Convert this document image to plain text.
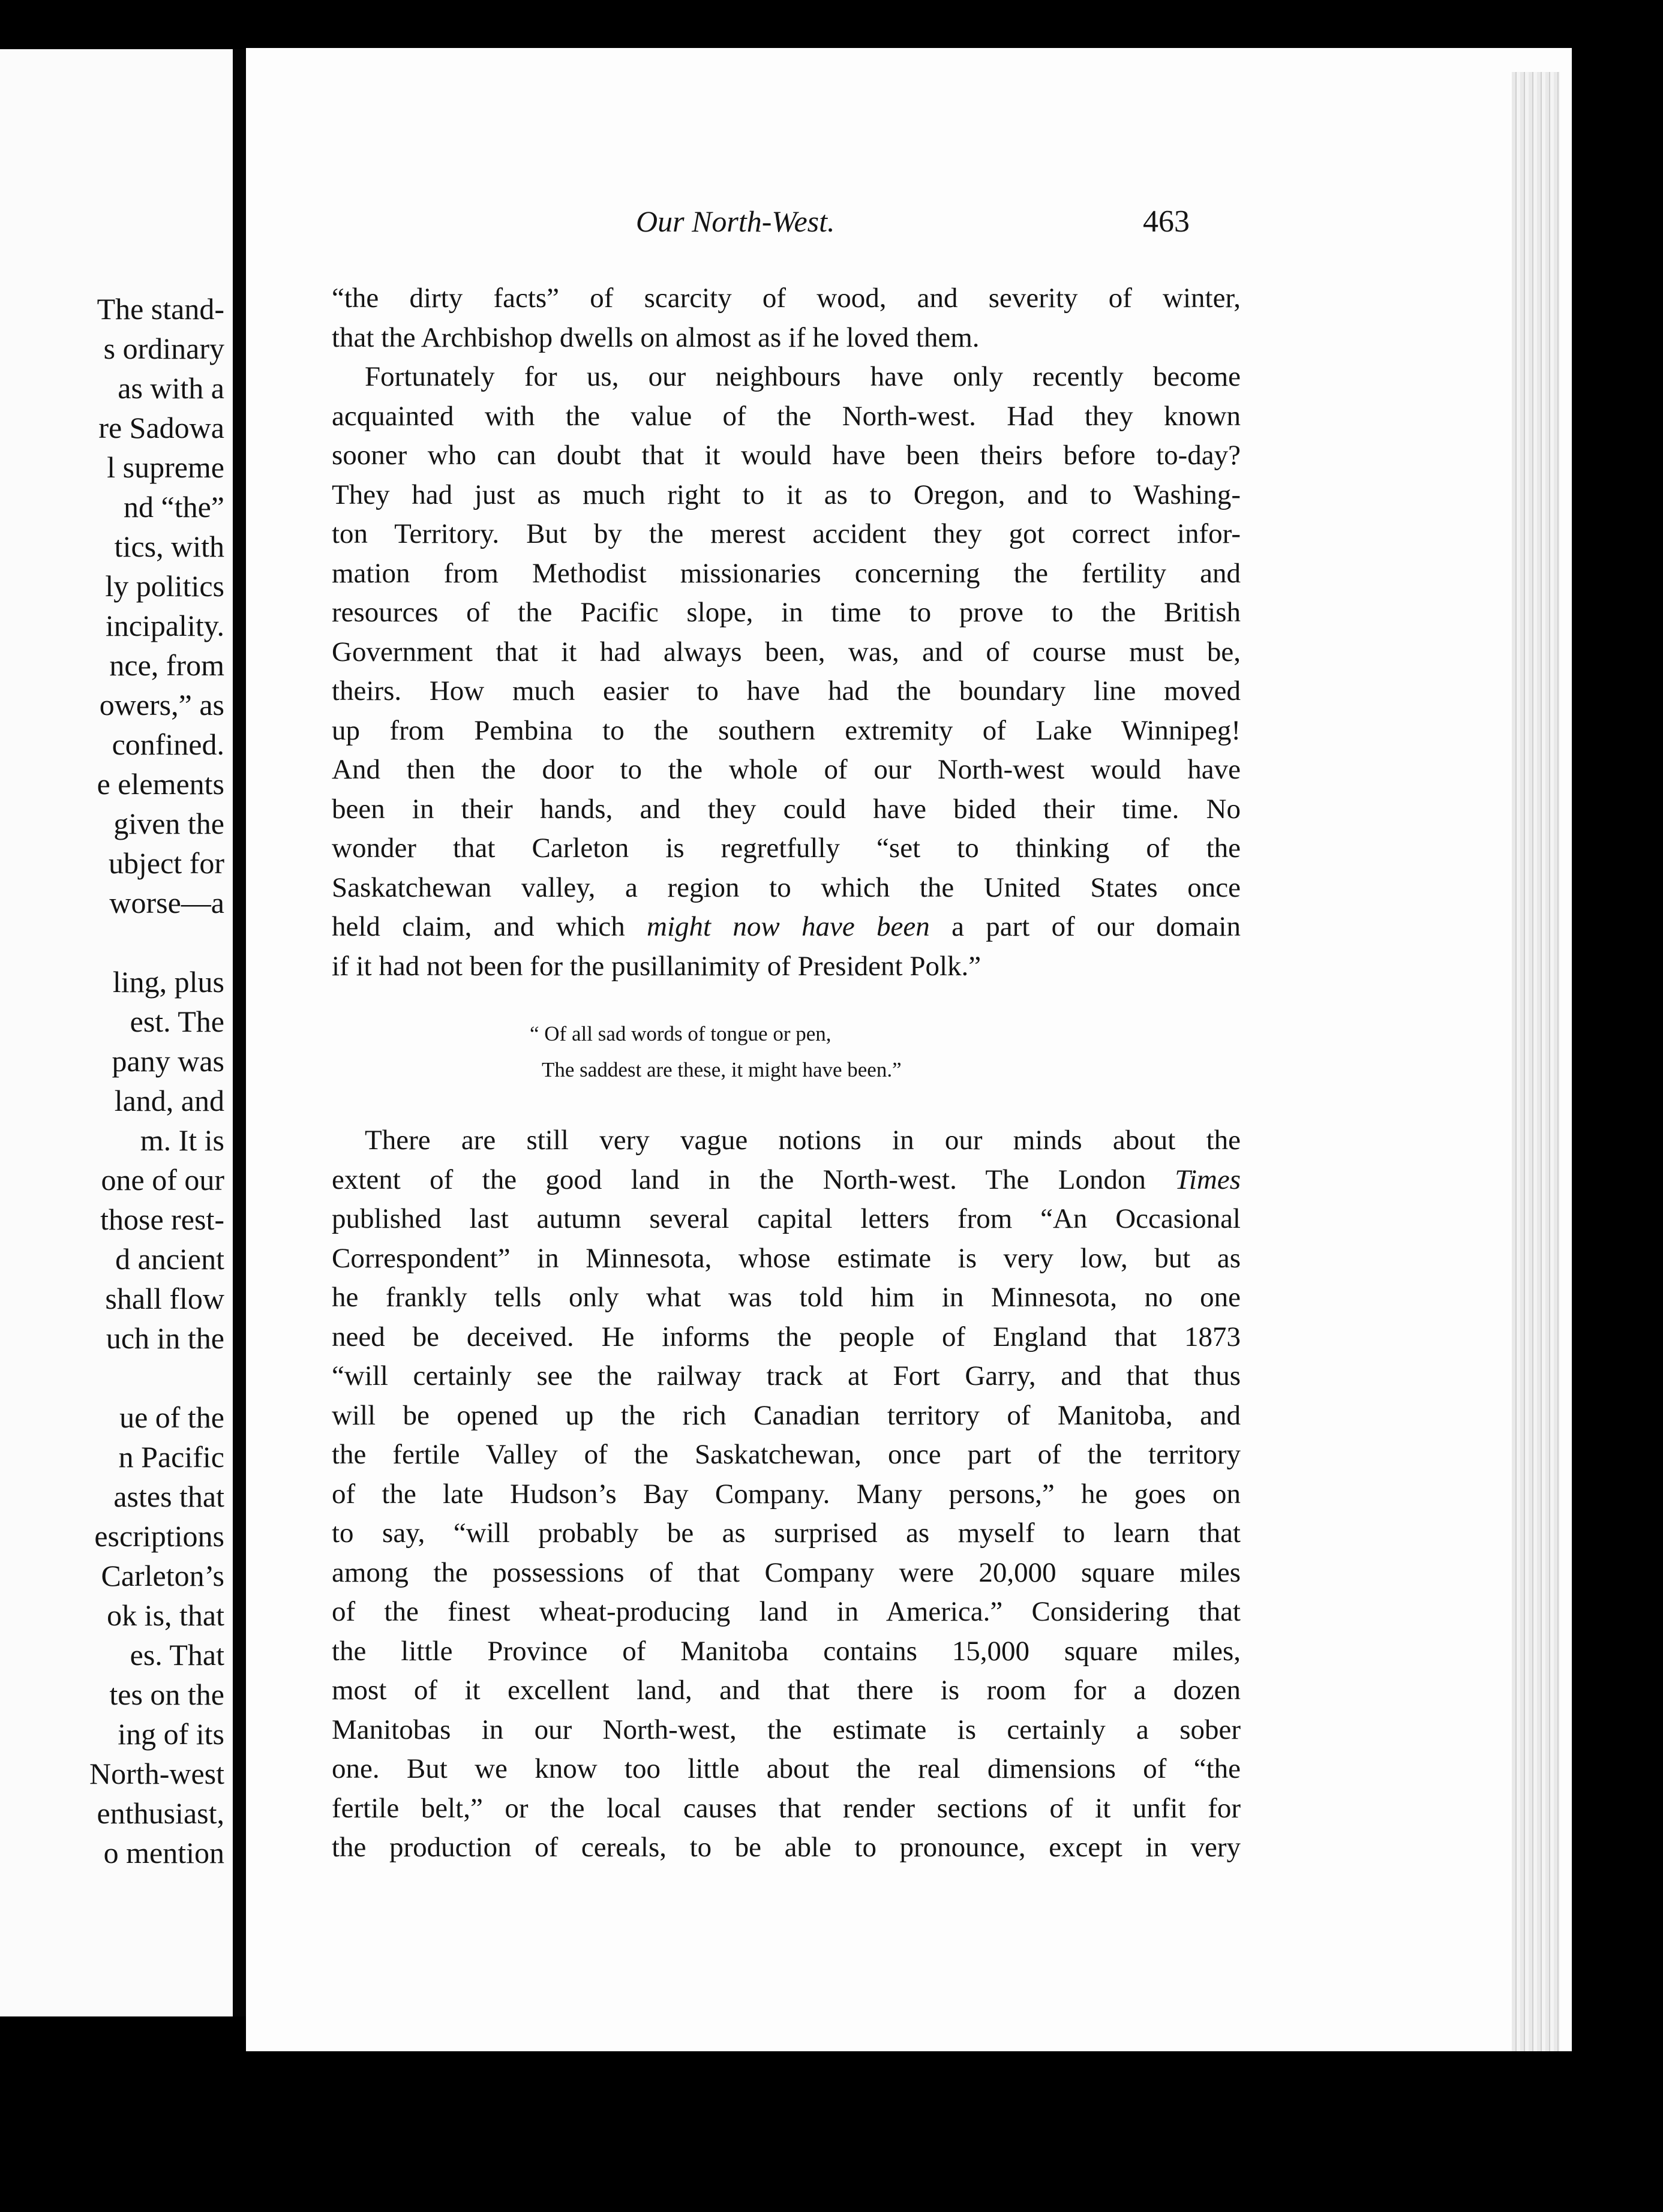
The stand-
s ordinary
as with a
re Sadowa
l supreme
nd “the”
tics, with
ly politics
incipality.
nce, from
owers,” as
confined.
e elements
given the
ubject for
worse—a
ling, plus
est. The
pany was
land, and
m. It is
one of our
those rest-
d ancient
shall flow
uch in the
ue of the
n Pacific
astes that
escriptions
Carleton’s
ok is, that
es. That
tes on the
ing of its
North-west
enthusiast,
o mention
Our North-West.	463
“the dirty facts” of scarcity of wood, and severity of winter,
that the Archbishop dwells on almost as if he loved them.
Fortunately for us, our neighbours have only recently become
acquainted with the value of the North-west. Had they known
sooner who can doubt that it would have been theirs before to-day?
They had just as much right to it as to Oregon, and to Washing-
ton Territory. But by the merest accident they got correct infor-
mation from Methodist missionaries concerning the fertility and
resources of the Pacific slope, in time to prove to the British
Government that it had always been, was, and of course must be,
theirs. How much easier to have had the boundary line moved
up from Pembina to the southern extremity of Lake Winnipeg!
And then the door to the whole of our North-west would have
been in their hands, and they could have bided their time. No
wonder that Carleton is regretfully “set to thinking of the
Saskatchewan valley, a region to which the United States once
held claim, and which might now have been a part of our domain
if it had not been for the pusillanimity of President Polk.”
“ Of all sad words of tongue or pen,
The saddest are these, it might have been.”
There are still very vague notions in our minds about the
extent of the good land in the North-west. The London Times
published last autumn several capital letters from “An Occasional
Correspondent” in Minnesota, whose estimate is very low, but as
he frankly tells only what was told him in Minnesota, no one
need be deceived. He informs the people of England that 1873
“will certainly see the railway track at Fort Garry, and that thus
will be opened up the rich Canadian territory of Manitoba, and
the fertile Valley of the Saskatchewan, once part of the territory
of the late Hudson’s Bay Company. Many persons,” he goes on
to say, “will probably be as surprised as myself to learn that
among the possessions of that Company were 20,000 square miles
of the finest wheat-producing land in America.” Considering that
the little Province of Manitoba contains 15,000 square miles,
most of it excellent land, and that there is room for a dozen
Manitobas in our North-west, the estimate is certainly a sober
one. But we know too little about the real dimensions of “the
fertile belt,” or the local causes that render sections of it unfit for
the production of cereals, to be able to pronounce, except in very
